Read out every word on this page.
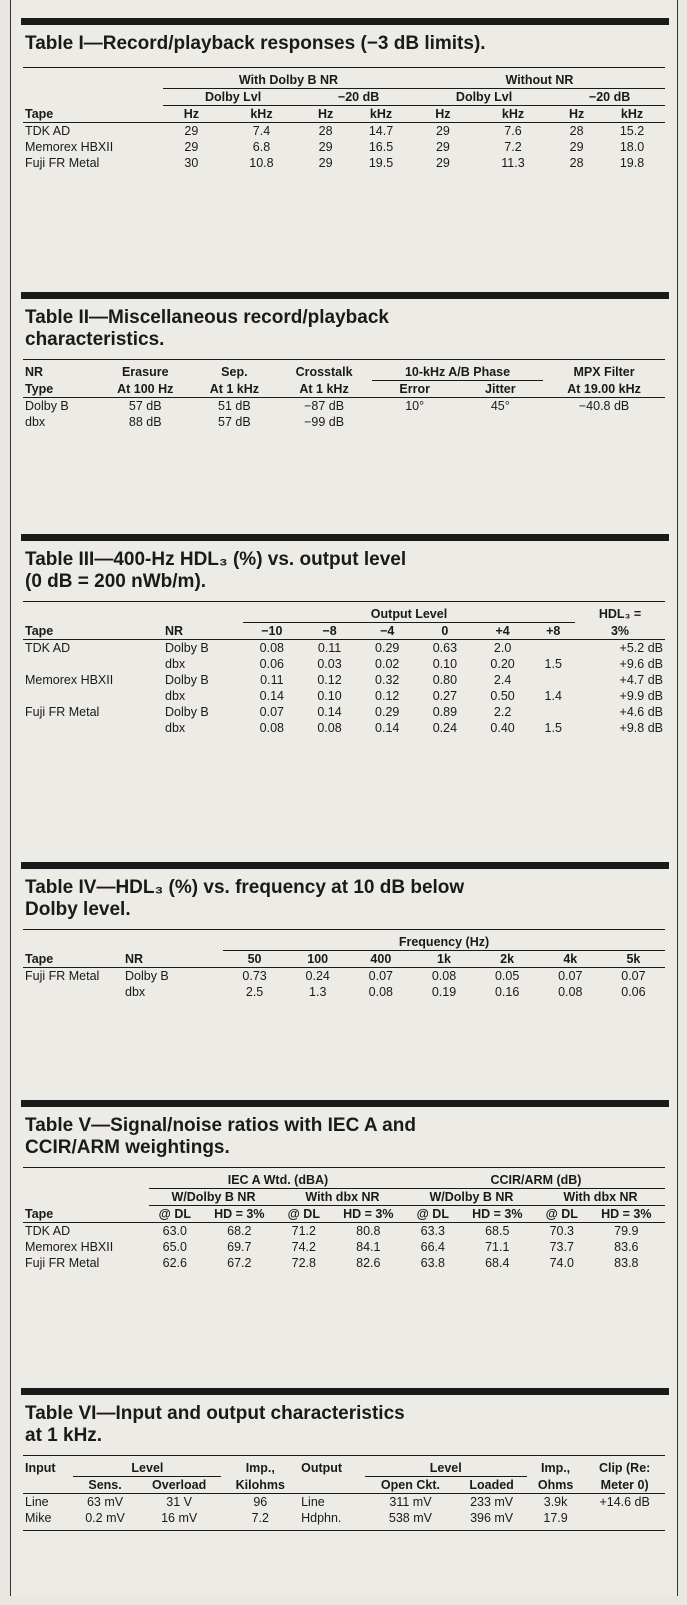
Table I—Record/playback responses (−3 dB limits).
	With Dolby B NR				Without NR			
	Dolby Lvl		−20 dB		Dolby Lvl		−20 dB	
Tape	Hz	kHz	Hz	kHz	Hz	kHz	Hz	kHz
TDK AD	29	7.4	28	14.7	29	7.6	28	15.2
Memorex HBXII	29	6.8	29	16.5	29	7.2	29	18.0
Fuji FR Metal	30	10.8	29	19.5	29	11.3	28	19.8
Table II—Miscellaneous record/playback
characteristics.
NR	Erasure	Sep.	Crosstalk	10-kHz A/B Phase		MPX Filter
Type	At 100 Hz	At 1 kHz	At 1 kHz	Error	Jitter	At 19.00 kHz
Dolby B	57 dB	51 dB	−87 dB	10°	45°	−40.8 dB
dbx	88 dB	57 dB	−99 dB			
Table III—400-Hz HDL₃ (%) vs. output level
(0 dB = 200 nWb/m).
		Output Level						HDL₃ =
Tape	NR	−10	−8	−4	0	+4	+8	3%
TDK AD	Dolby B	0.08	0.11	0.29	0.63	2.0		+5.2 dB
	dbx	0.06	0.03	0.02	0.10	0.20	1.5	+9.6 dB
Memorex HBXII	Dolby B	0.11	0.12	0.32	0.80	2.4		+4.7 dB
	dbx	0.14	0.10	0.12	0.27	0.50	1.4	+9.9 dB
Fuji FR Metal	Dolby B	0.07	0.14	0.29	0.89	2.2		+4.6 dB
	dbx	0.08	0.08	0.14	0.24	0.40	1.5	+9.8 dB
Table IV—HDL₃ (%) vs. frequency at 10 dB below
Dolby level.
		Frequency (Hz)						
Tape	NR	50	100	400	1k	2k	4k	5k
Fuji FR Metal	Dolby B	0.73	0.24	0.07	0.08	0.05	0.07	0.07
	dbx	2.5	1.3	0.08	0.19	0.16	0.08	0.06
Table V—Signal/noise ratios with IEC A and
CCIR/ARM weightings.
	IEC A Wtd. (dBA)				CCIR/ARM (dB)			
	W/Dolby B NR		With dbx NR		W/Dolby B NR		With dbx NR	
Tape	@ DL	HD = 3%	@ DL	HD = 3%	@ DL	HD = 3%	@ DL	HD = 3%
TDK AD	63.0	68.2	71.2	80.8	63.3	68.5	70.3	79.9
Memorex HBXII	65.0	69.7	74.2	84.1	66.4	71.1	73.7	83.6
Fuji FR Metal	62.6	67.2	72.8	82.6	63.8	68.4	74.0	83.8
Table VI—Input and output characteristics
at 1 kHz.
Input	Level		Imp.,	Output	Level		Imp.,	Clip (Re:
	Sens.	Overload	Kilohms		Open Ckt.	Loaded	Ohms	Meter 0)
Line	63 mV	31 V	96	Line	311 mV	233 mV	3.9k	+14.6 dB
Mike	0.2 mV	16 mV	7.2	Hdphn.	538 mV	396 mV	17.9	
